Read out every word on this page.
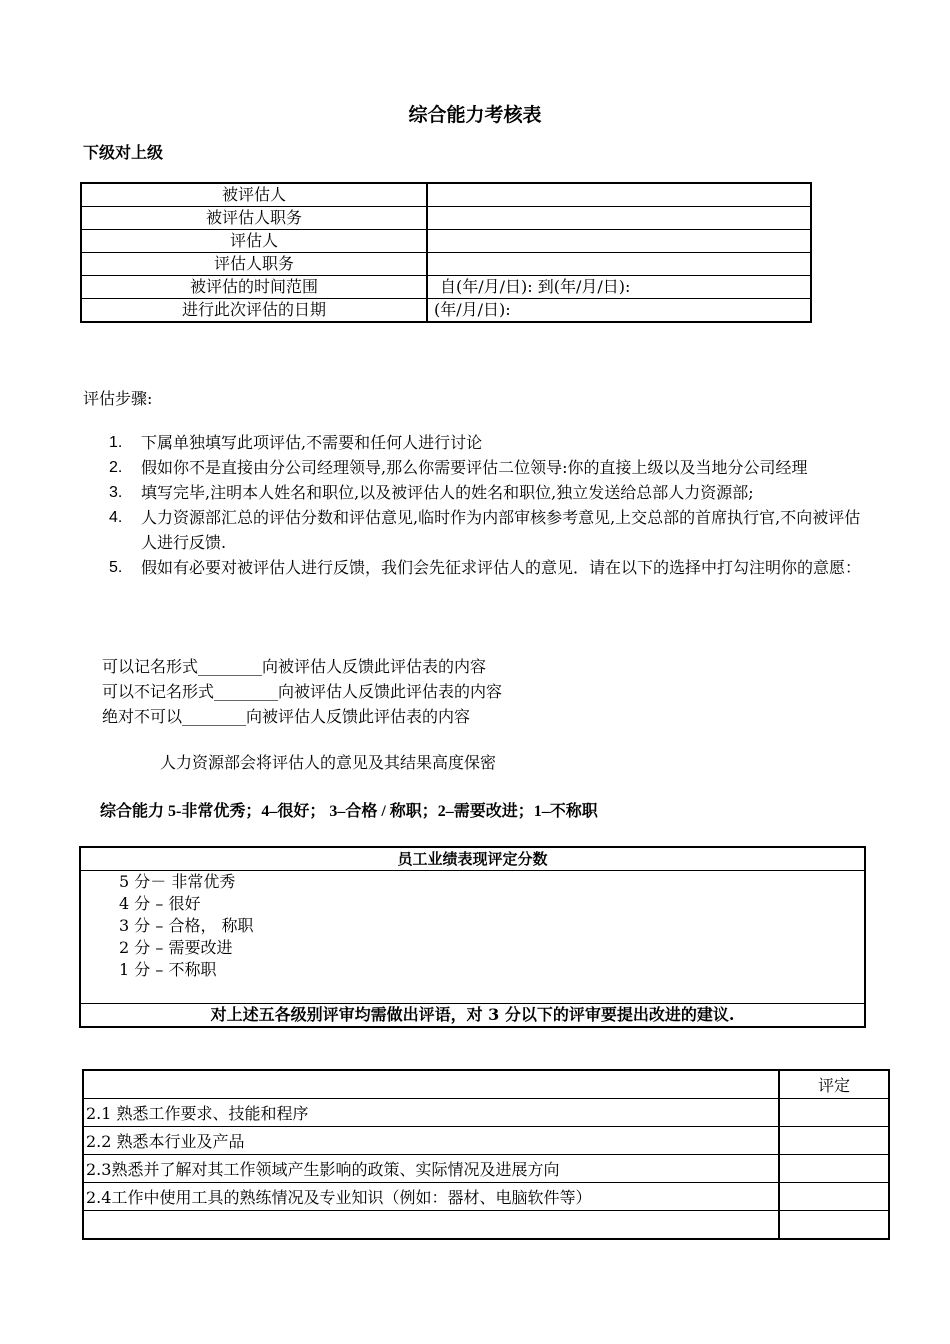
综合能力考核表
下级对上级
被评估人	
被评估人职务	
评估人	
评估人职务	
被评估的时间范围	自(年/月/日): 到(年/月/日):
进行此次评估的日期	(年/月/日):
评估步骤:
1. 下属单独填写此项评估,不需要和任何人进行讨论
2. 假如你不是直接由分公司经理领导,那么你需要评估二位领导:你的直接上级以及当地分公司经理
3. 填写完毕,注明本人姓名和职位,以及被评估人的姓名和职位,独立发送给总部人力资源部;
4. 人力资源部汇总的评估分数和评估意见,临时作为内部审核参考意见,上交总部的首席执行官,不向被评估人进行反馈.
5. 假如有必要对被评估人进行反馈，我们会先征求评估人的意见．请在以下的选择中打勾注明你的意愿：
可以记名形式________向被评估人反馈此评估表的内容
可以不记名形式________向被评估人反馈此评估表的内容
绝对不可以________向被评估人反馈此评估表的内容
人力资源部会将评估人的意见及其结果高度保密
综合能力 5-非常优秀；4–很好； 3–合格 / 称职；2–需要改进；1–不称职
员工业绩表现评定分数

5 分－ 非常优秀
4 分 – 很好
3 分 – 合格， 称职
2 分 – 需要改进
1 分 – 不称职

对上述五各级别评审均需做出评语，对 3 分以下的评审要提出改进的建议.
	评定
2.1 熟悉工作要求、技能和程序	
2.2 熟悉本行业及产品	
2.3熟悉并了解对其工作领域产生影响的政策、实际情况及进展方向	
2.4工作中使用工具的熟练情况及专业知识（例如：器材、电脑软件等）	
